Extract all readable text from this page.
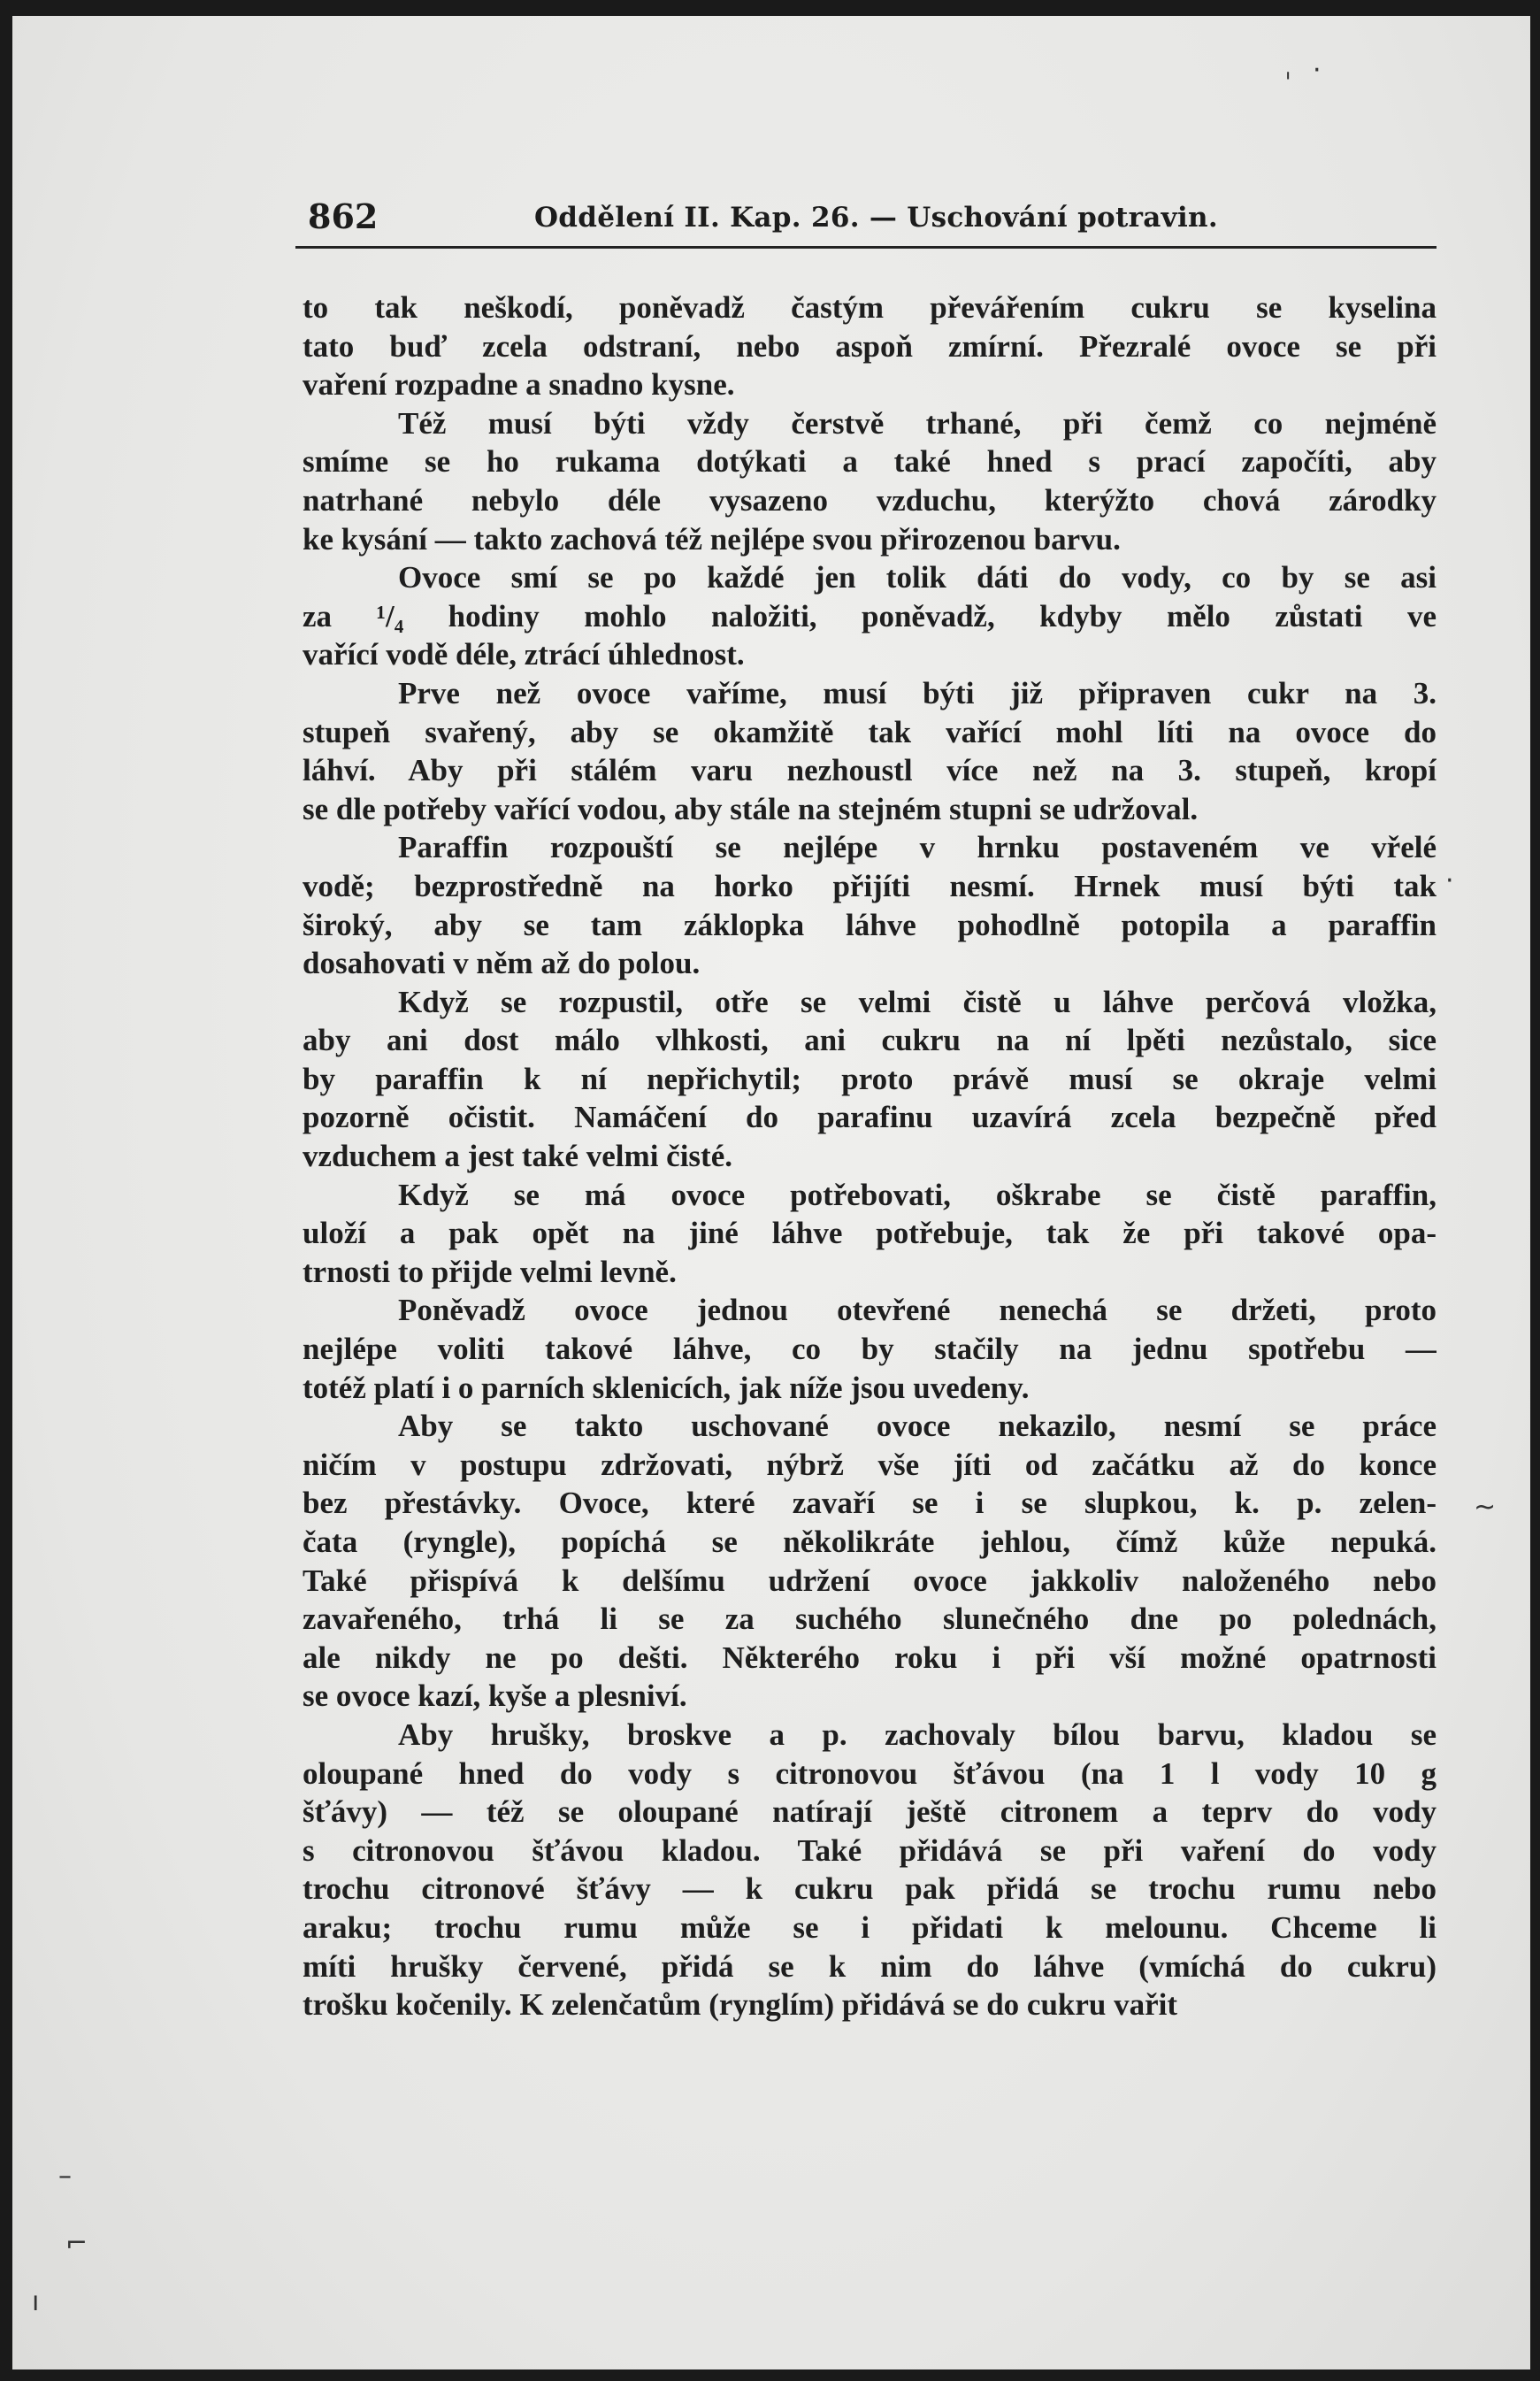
862	Oddělení II. Kap. 26. — Uschování potravin.
to tak neškodí, poněvadž častým převářením cukru se kyselina
tato buď zcela odstraní, nebo aspoň zmírní. Přezralé ovoce se při
vaření rozpadne a snadno kysne.
Též musí býti vždy čerstvě trhané, při čemž co nejméně
smíme se ho rukama dotýkati a také hned s prací započíti, aby
natrhané nebylo déle vysazeno vzduchu, kterýžto chová zárodky
ke kysání — takto zachová též nejlépe svou přirozenou barvu.
Ovoce smí se po každé jen tolik dáti do vody, co by se asi
za ¹/₄ hodiny mohlo naložiti, poněvadž, kdyby mělo zůstati ve
vařící vodě déle, ztrácí úhlednost.
Prve než ovoce vaříme, musí býti již připraven cukr na 3.
stupeň svařený, aby se okamžitě tak vařící mohl líti na ovoce do
láhví. Aby při stálém varu nezhoustl více než na 3. stupeň, kropí
se dle potřeby vařící vodou, aby stále na stejném stupni se udržoval.
Paraffin rozpouští se nejlépe v hrnku postaveném ve vřelé
vodě; bezprostředně na horko přijíti nesmí. Hrnek musí býti tak
široký, aby se tam záklopka láhve pohodlně potopila a paraffin
dosahovati v něm až do polou.
Když se rozpustil, otře se velmi čistě u láhve perčová vložka,
aby ani dost málo vlhkosti, ani cukru na ní lpěti nezůstalo, sice
by paraffin k ní nepřichytil; proto právě musí se okraje velmi
pozorně očistit. Namáčení do parafinu uzavírá zcela bezpečně před
vzduchem a jest také velmi čisté.
Když se má ovoce potřebovati, oškrabe se čistě paraffin,
uloží a pak opět na jiné láhve potřebuje, tak že při takové opa-
trnosti to přijde velmi levně.
Poněvadž ovoce jednou otevřené nenechá se držeti, proto
nejlépe voliti takové láhve, co by stačily na jednu spotřebu —
totéž platí i o parních sklenicích, jak níže jsou uvedeny.
Aby se takto uschované ovoce nekazilo, nesmí se práce
ničím v postupu zdržovati, nýbrž vše jíti od začátku až do konce
bez přestávky. Ovoce, které zavaří se i se slupkou, k. p. zelen-
čata (ryngle), popíchá se několikráte jehlou, čímž kůže nepuká.
Také přispívá k delšímu udržení ovoce jakkoliv naloženého nebo
zavařeného, trhá li se za suchého slunečného dne po polednách,
ale nikdy ne po dešti. Některého roku i při vší možné opatrnosti
se ovoce kazí, kyše a plesniví.
Aby hrušky, broskve a p. zachovaly bílou barvu, kladou se
oloupané hned do vody s citronovou šťávou (na 1 l vody 10 g
šťávy) — též se oloupané natírají ještě citronem a teprv do vody
s citronovou šťávou kladou. Také přidává se při vaření do vody
trochu citronové šťávy — k cukru pak přidá se trochu rumu nebo
araku; trochu rumu může se i přidati k melounu. Chceme li
míti hrušky červené, přidá se k nim do láhve (vmíchá do cukru)
trošku kočenily. K zelenčatům (rynglím) přidává se do cukru vařit
ˌ ·
~
·
–
⌐
ı
